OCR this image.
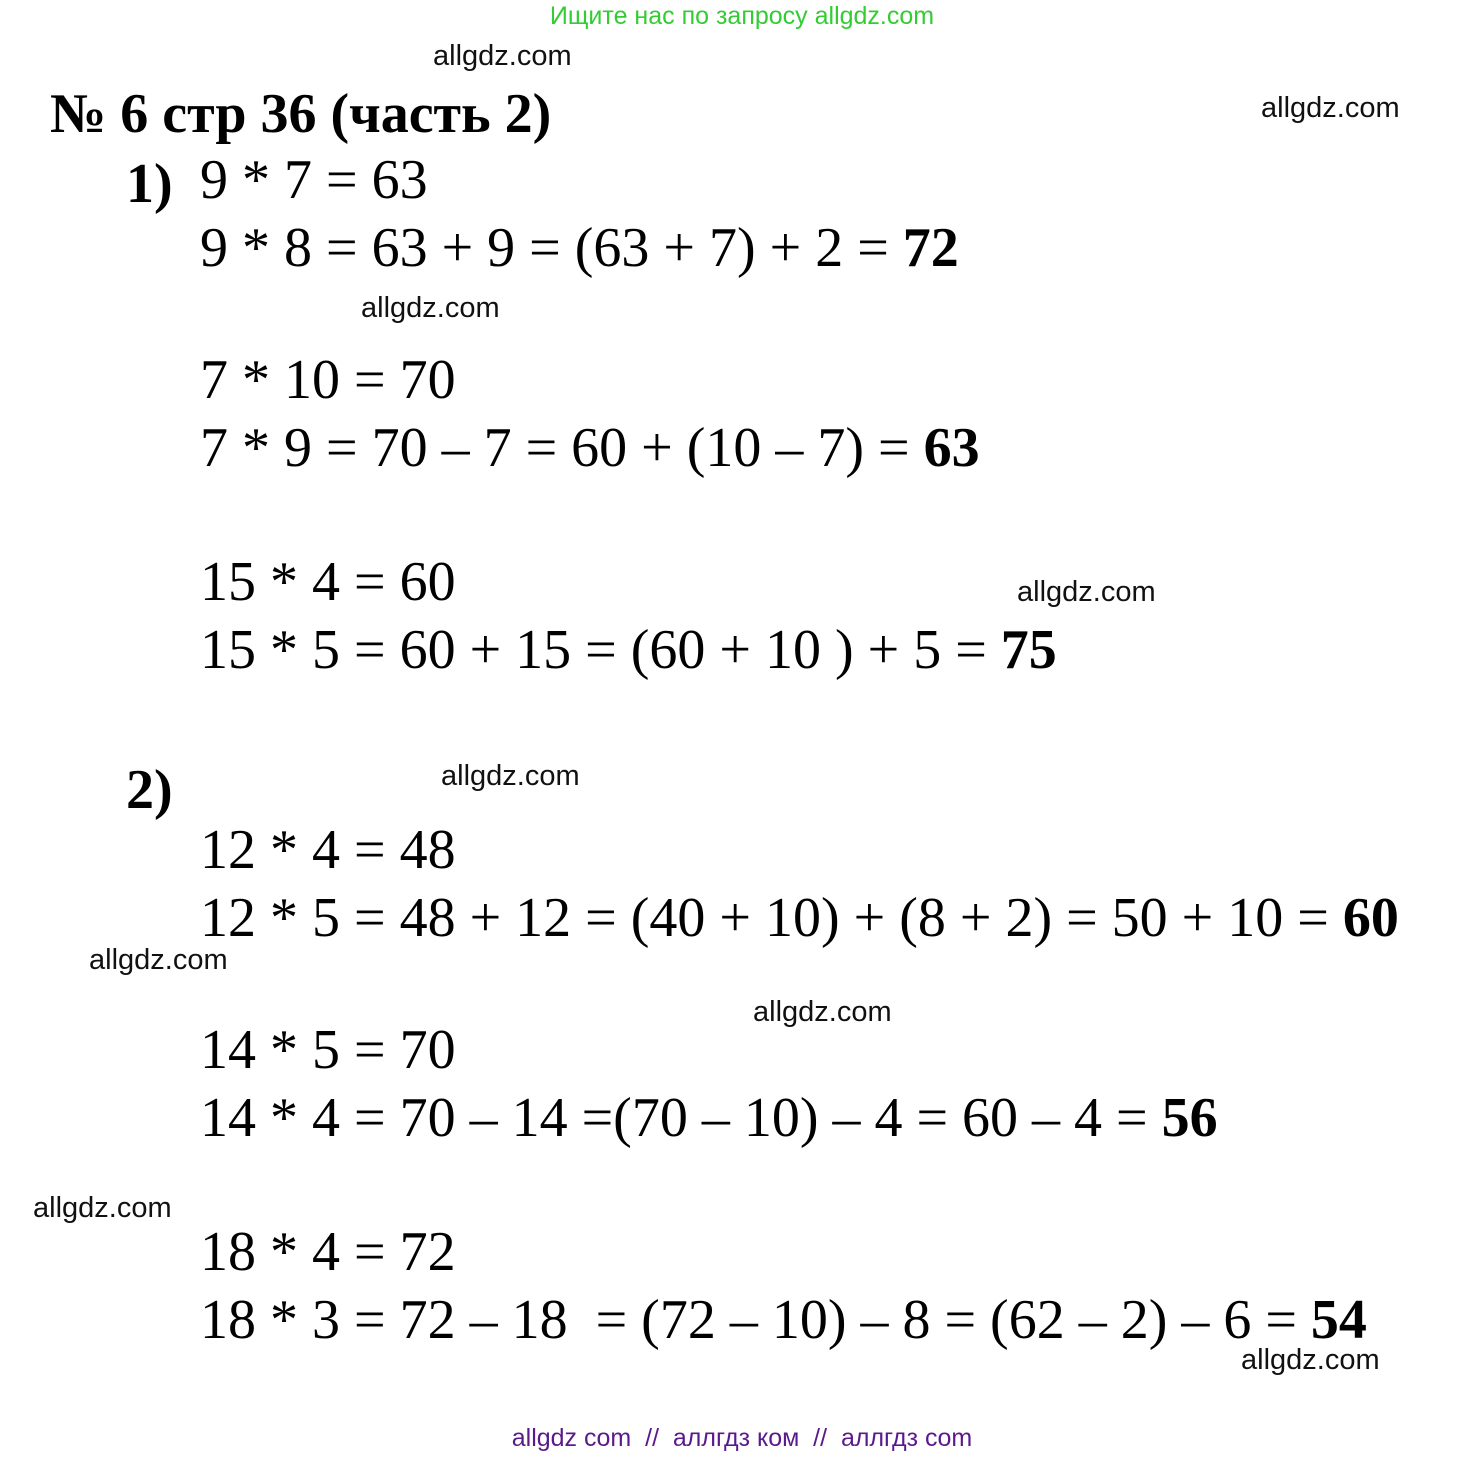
Ищите нас по запросу allgdz.com
allgdz.com
allgdz.com
№ 6 стр 36 (часть 2)
1) 9 * 7 = 63
9 * 8 = 63 + 9 = (63 + 7) + 2 = 72
allgdz.com
7 * 10 = 70
7 * 9 = 70 – 7 = 60 + (10 – 7) = 63
15 * 4 = 60	allgdz.com
15 * 5 = 60 + 15 = (60 + 10 ) + 5 = 75
2)	allgdz.com
12 * 4 = 48
12 * 5 = 48 + 12 = (40 + 10) + (8 + 2) = 50 + 10 = 60
allgdz.com
allgdz.com
14 * 5 = 70
14 * 4 = 70 – 14 =(70 – 10) – 4 = 60 – 4 = 56
allgdz.com
18 * 4 = 72
18 * 3 = 72 – 18  = (72 – 10) – 8 = (62 – 2) – 6 = 54
allgdz.com
allgdz com  //  аллгдз ком  //  аллгдз com
